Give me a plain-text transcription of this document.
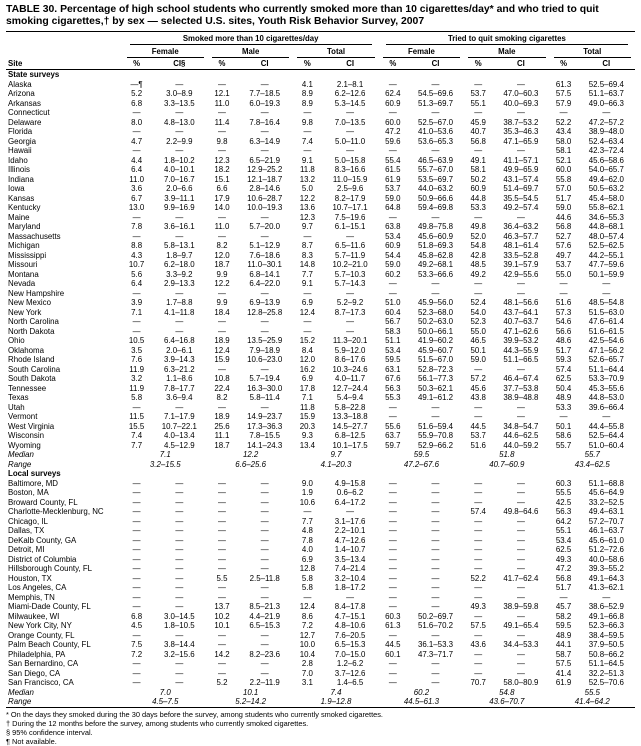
TABLE 30. Percentage of high school students who currently smoked more than 10 cigarettes/day* and who tried to quit smoking cigarettes,† by sex — selected U.S. sites, Youth Risk Behavior Survey, 2007

	Smoked more than 10 cigarettes/day						Tried to quit smoking cigarettes					

	Female		Male		Total		Female		Male		Total	

Site	%	CI§	%	CI	%	CI	%	CI	%	CI	%	CI
State surveys												
Alaska	—¶	—	—	—	4.1	2.1–8.1	—	—	—	—	61.3	52.5–69.4
Arizona	5.2	3.0–8.9	12.1	7.7–18.5	8.9	6.2–12.6	62.4	54.5–69.6	53.7	47.0–60.3	57.5	51.1–63.7
Arkansas	6.8	3.3–13.5	11.0	6.0–19.3	8.9	5.3–14.5	60.9	51.3–69.7	55.1	40.0–69.3	57.9	49.0–66.3
Connecticut	—	—	—	—	—	—	—	—	—	—	—	—
Delaware	8.0	4.8–13.0	11.4	7.8–16.4	9.8	7.0–13.5	60.0	52.5–67.0	45.9	38.7–53.2	52.2	47.2–57.2
Florida	—	—	—	—	—	—	47.2	41.0–53.6	40.7	35.3–46.3	43.4	38.9–48.0
Georgia	4.7	2.2–9.9	9.8	6.3–14.9	7.4	5.0–11.0	59.6	53.6–65.3	56.8	47.1–65.9	58.0	52.4–63.4
Hawaii	—	—	—	—	—	—	—	—	—	—	58.1	42.3–72.4
Idaho	4.4	1.8–10.2	12.3	6.5–21.9	9.1	5.0–15.8	55.4	46.5–63.9	49.1	41.1–57.1	52.1	45.6–58.6
Illinois	6.4	4.0–10.1	18.2	12.9–25.2	11.8	8.3–16.6	61.5	55.7–67.0	58.1	49.9–65.9	60.0	54.0–65.7
Indiana	11.0	7.0–16.7	15.1	12.1–18.7	13.2	11.0–15.9	61.9	53.5–69.7	50.2	43.1–57.4	55.8	49.4–62.0
Iowa	3.6	2.0–6.6	6.6	2.8–14.6	5.0	2.5–9.6	53.7	44.0–63.2	60.9	51.4–69.7	57.0	50.5–63.2
Kansas	6.7	3.9–11.1	17.9	10.6–28.7	12.2	8.2–17.9	59.0	50.9–66.6	44.8	35.5–54.5	51.7	45.4–58.0
Kentucky	13.0	9.9–16.9	14.0	10.0–19.3	13.6	10.7–17.1	64.8	59.4–69.8	53.3	49.2–57.4	59.0	55.8–62.1
Maine	—	—	—	—	12.3	7.5–19.6	—	—	—	—	44.6	34.6–55.3
Maryland	7.8	3.6–16.1	11.0	5.7–20.0	9.7	6.1–15.1	63.8	49.8–75.8	49.8	36.4–63.2	56.8	44.8–68.1
Massachusetts	—	—	—	—	—	—	53.4	45.6–60.9	52.0	46.3–57.7	52.7	48.0–57.4
Michigan	8.8	5.8–13.1	8.2	5.1–12.9	8.7	6.5–11.6	60.9	51.8–69.3	54.8	48.1–61.4	57.6	52.5–62.5
Mississippi	4.3	1.8–9.7	12.0	7.6–18.6	8.3	5.7–11.9	54.4	45.8–62.8	42.8	33.5–52.8	49.7	44.2–55.1
Missouri	10.7	6.2–18.0	18.7	11.0–30.1	14.8	10.2–21.0	59.0	49.2–68.1	48.5	39.1–57.9	53.7	47.7–59.6
Montana	5.6	3.3–9.2	9.9	6.8–14.1	7.7	5.7–10.3	60.2	53.3–66.6	49.2	42.9–55.6	55.0	50.1–59.9
Nevada	6.4	2.9–13.3	12.2	6.4–22.0	9.1	5.7–14.3	—	—	—	—	—	—
New Hampshire	—	—	—	—	—	—	—	—	—	—	—	—
New Mexico	3.9	1.7–8.8	9.9	6.9–13.9	6.9	5.2–9.2	51.0	45.9–56.0	52.4	48.1–56.6	51.6	48.5–54.8
New York	7.1	4.1–11.8	18.4	12.8–25.8	12.4	8.7–17.3	60.4	52.3–68.0	54.0	43.7–64.1	57.3	51.5–63.0
North Carolina	—	—	—	—	—	—	56.7	50.2–63.0	52.3	40.7–63.7	54.6	47.6–61.4
North Dakota	—	—	—	—	—	—	58.3	50.0–66.1	55.0	47.1–62.6	56.6	51.6–61.5
Ohio	10.5	6.4–16.8	18.9	13.5–25.9	15.2	11.3–20.1	51.1	41.9–60.2	46.5	39.9–53.2	48.6	42.5–54.6
Oklahoma	3.5	2.0–6.1	12.4	7.9–18.9	8.4	5.9–12.0	53.4	45.9–60.7	50.1	44.3–55.9	51.7	47.1–56.2
Rhode Island	7.6	3.9–14.3	15.9	10.6–23.0	12.0	8.6–17.6	59.5	51.5–67.0	59.0	51.1–66.5	59.3	52.6–65.7
South Carolina	11.9	6.3–21.2	—	—	16.2	10.3–24.6	63.1	52.8–72.3	—	—	57.4	51.1–64.4
South Dakota	3.2	1.1–8.6	10.8	5.7–19.4	6.9	4.0–11.7	67.6	56.1–77.3	57.2	46.4–67.4	62.5	53.3–70.9
Tennessee	11.9	7.8–17.7	22.4	16.3–30.0	17.8	12.7–24.4	56.3	50.3–62.1	45.6	37.7–53.8	50.4	45.3–55.6
Texas	5.8	3.6–9.4	8.2	5.8–11.4	7.1	5.4–9.4	55.3	49.1–61.2	43.8	38.9–48.8	48.9	44.8–53.0
Utah	—	—	—	—	11.8	5.8–22.8	—	—	—	—	53.3	39.6–66.4
Vermont	11.5	7.1–17.9	18.9	14.9–23.7	15.9	13.3–18.8	—	—	—	—	—	—
West Virginia	15.5	10.7–22.1	25.6	17.3–36.3	20.3	14.5–27.7	55.6	51.6–59.4	44.5	34.8–54.7	50.1	44.4–55.8
Wisconsin	7.4	4.0–13.4	11.1	7.8–15.5	9.3	6.8–12.5	63.7	55.9–70.8	53.7	44.6–62.5	58.6	52.5–64.4
Wyoming	7.7	4.5–12.9	18.7	14.1–24.3	13.4	10.1–17.5	59.7	52.9–66.2	51.6	44.0–59.2	55.7	51.0–60.4
Median	7.1		12.2		9.7		59.5		51.8		55.7	
Range	3.2–15.5		6.6–25.6		4.1–20.3		47.2–67.6		40.7–60.9		43.4–62.5	
Local surveys												
Baltimore, MD	—	—	—	—	9.0	4.9–15.8	—	—	—	—	60.3	51.1–68.8
Boston, MA	—	—	—	—	1.9	0.6–6.2	—	—	—	—	55.5	45.6–64.9
Broward County, FL	—	—	—	—	10.6	6.4–17.2	—	—	—	—	42.5	33.2–52.5
Charlotte-Mecklenburg, NC	—	—	—	—	—	—	—	—	57.4	49.8–64.6	56.3	49.4–63.1
Chicago, IL	—	—	—	—	7.7	3.1–17.6	—	—	—	—	64.2	57.2–70.7
Dallas, TX	—	—	—	—	4.8	2.2–10.1	—	—	—	—	55.1	46.1–63.7
DeKalb County, GA	—	—	—	—	7.8	4.7–12.6	—	—	—	—	53.4	45.6–61.0
Detroit, MI	—	—	—	—	4.0	1.4–10.7	—	—	—	—	62.5	51.2–72.6
District of Columbia	—	—	—	—	6.9	3.5–13.4	—	—	—	—	49.3	40.0–58.6
Hillsborough County, FL	—	—	—	—	12.8	7.4–21.4	—	—	—	—	47.2	39.3–55.2
Houston, TX	—	—	5.5	2.5–11.8	5.8	3.2–10.4	—	—	52.2	41.7–62.4	56.8	49.1–64.3
Los Angeles, CA	—	—	—	—	5.8	1.8–17.2	—	—	—	—	51.7	41.3–62.1
Memphis, TN	—	—	—	—	—	—	—	—	—	—	—	—
Miami-Dade County, FL	—	—	13.7	8.5–21.3	12.4	8.4–17.8	—	—	49.3	38.9–59.8	45.7	38.6–52.9
Milwaukee, WI	6.8	3.0–14.5	10.2	4.4–21.9	8.6	4.7–15.1	60.3	50.2–69.7	—	—	58.2	49.1–66.8
New York City, NY	4.5	1.8–10.5	10.1	6.5–15.3	7.2	4.8–10.6	61.3	51.6–70.2	57.5	49.1–65.4	59.5	52.3–66.3
Orange County, FL	—	—	—	—	12.7	7.6–20.5	—	—	—	—	48.9	38.4–59.5
Palm Beach County, FL	7.5	3.8–14.4	—	—	10.0	6.5–15.3	44.5	36.1–53.3	43.6	34.4–53.3	44.1	37.9–50.5
Philadelphia, PA	7.2	3.2–15.6	14.2	8.2–23.6	10.4	7.0–15.0	60.1	47.3–71.7	—	—	58.7	50.8–66.2
San Bernardino, CA	—	—	—	—	2.8	1.2–6.2	—	—	—	—	57.5	51.1–64.5
San Diego, CA	—	—	—	—	7.0	3.7–12.6	—	—	—	—	41.4	32.2–51.3
San Francisco, CA	—	—	5.2	2.2–11.9	3.1	1.4–6.5	—	—	70.7	58.0–80.9	61.9	52.5–70.6
Median	7.0		10.1		7.4		60.2		54.8		55.5	
Range	4.5–7.5		5.2–14.2		1.9–12.8		44.5–61.3		43.6–70.7		41.4–64.2	
* On the days they smoked during the 30 days before the survey, among students who currently smoked cigarettes.
† During the 12 months before the survey, among students who currently smoked cigarettes.
§ 95% confidence interval.
¶ Not available.
